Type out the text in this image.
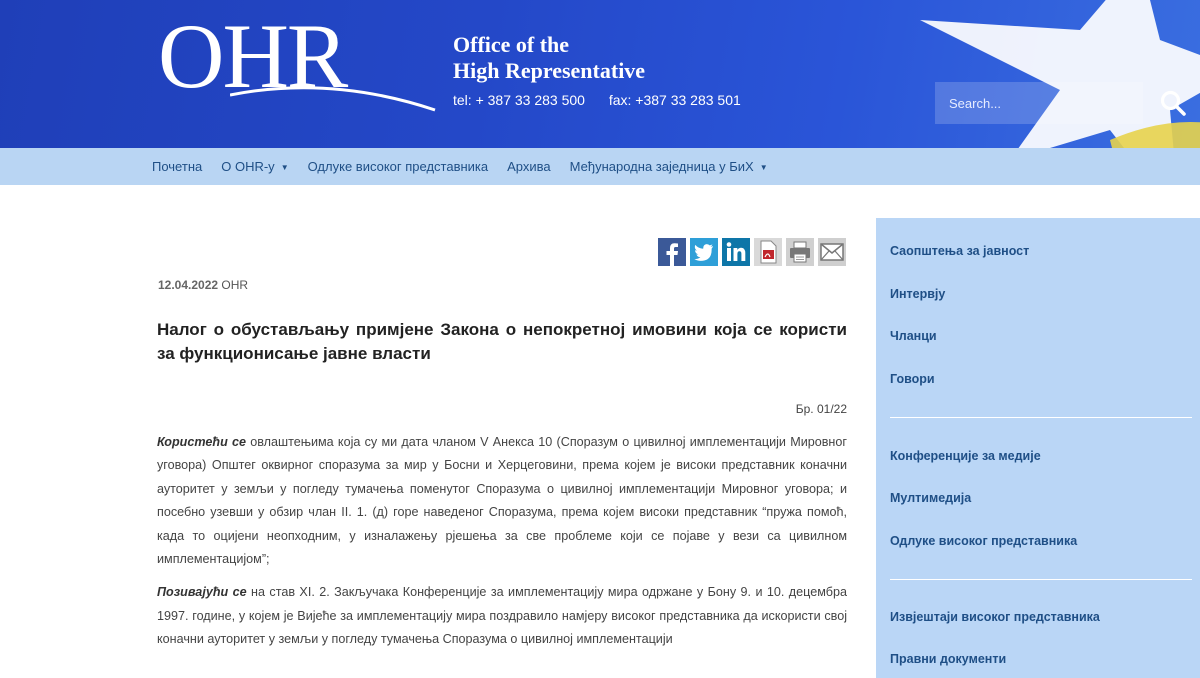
OHR	Office of the
High Representative
tel: + 387 33 283 500 fax: +387 33 283 501
Search...
Почетна О OHR-у ▼ Одлуке високог представника Архива Међународна заједница у БиХ ▼
12.04.2022 OHR
Налог о обустављању примјене Закона о непокретној имовини која се користи за функционисање јавне власти
Бр. 01/22

Користећи се овлаштењима која су ми дата чланом V Анекса 10 (Споразум о цивилној имплементацији Мировног уговора) Општег оквирног споразума за мир у Босни и Херцеговини, према којем је високи представник коначни ауторитет у земљи у погледу тумачења поменутог Споразума о цивилној имплементацији Мировног уговора; и посебно узевши у обзир члан II. 1. (д) горе наведеног Споразума, према којем високи представник “пружа помоћ, када то оцијени неопходним, у изналажењу рјешења за све проблеме који се појаве у вези са цивилном имплементацијом”;

Позивајући се на став XI. 2. Закључака Конференције за имплементацију мира одржане у Бону 9. и 10. децембра 1997. године, у којем је Вијеће за имплементацију мира поздравило намјеру високог представника да искористи свој коначни ауторитет у земљи у погледу тумачења Споразума о цивилној имплементацији

Саопштења за јавност
Интервју
Чланци
Говори
Конференције за медије
Мултимедија
Одлуке високог представника
Извјештаји високог представника
Правни документи
